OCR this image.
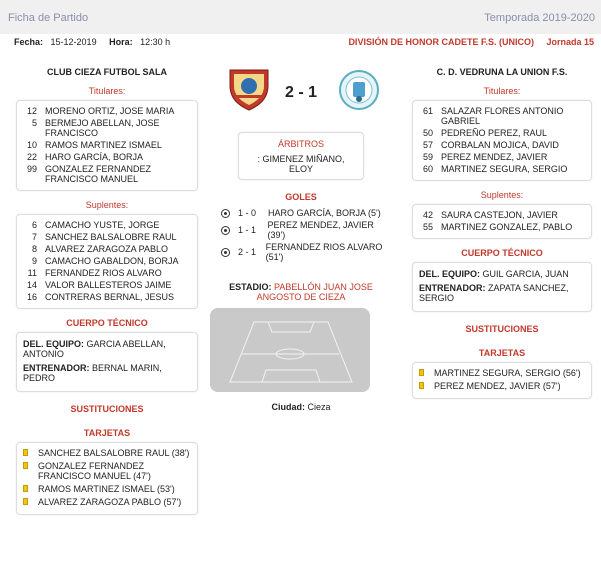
Ficha de Partido	Temporada 2019-2020
Fecha: 15-12-2019 Hora: 12:30 h	DIVISIÓN DE HONOR CADETE F.S. (UNICO) Jornada 15
CLUB CIEZA FUTBOL SALA
Titulares:
12 MORENO ORTIZ, JOSE MARIA
5 BERMEJO ABELLAN, JOSE FRANCISCO
10 RAMOS MARTINEZ ISMAEL
22 HARO GARCÍA, BORJA
99 GONZALEZ FERNANDEZ FRANCISCO MANUEL
Suplentes:
6 CAMACHO YUSTE, JORGE
7 SANCHEZ BALSALOBRE RAUL
8 ALVAREZ ZARAGOZA PABLO
9 CAMACHO GABALDON, BORJA
11 FERNANDEZ RIOS ALVARO
14 VALOR BALLESTEROS JAIME
16 CONTRERAS BERNAL, JESUS
CUERPO TÉCNICO
DEL. EQUIPO: GARCIA ABELLAN, ANTONIO
ENTRENADOR: BERNAL MARIN, PEDRO
SUSTITUCIONES
TARJETAS
SANCHEZ BALSALOBRE RAUL (38')
GONZALEZ FERNANDEZ FRANCISCO MANUEL (47')
RAMOS MARTINEZ ISMAEL (53')
ALVAREZ ZARAGOZA PABLO (57')
2 - 1
ÁRBITROS
: GIMENEZ MIÑANO, ELOY
GOLES
1 - 0	HARO GARCÍA, BORJA (5')
1 - 1	PEREZ MENDEZ, JAVIER (39')
2 - 1	FERNANDEZ RIOS ALVARO (51')
ESTADIO: PABELLÓN JUAN JOSE ANGOSTO DE CIEZA
Ciudad: Cieza
C. D. VEDRUNA LA UNION F.S.
Titulares:
61 SALAZAR FLORES ANTONIO GABRIEL
50 PEDREÑO PEREZ, RAUL
57 CORBALAN MOJICA, DAVID
59 PEREZ MENDEZ, JAVIER
60 MARTINEZ SEGURA, SERGIO
Suplentes:
42 SAURA CASTEJON, JAVIER
55 MARTINEZ GONZALEZ, PABLO
CUERPO TÉCNICO
DEL. EQUIPO: GUIL GARCIA, JUAN
ENTRENADOR: ZAPATA SANCHEZ, SERGIO
SUSTITUCIONES
TARJETAS
MARTINEZ SEGURA, SERGIO (56')
PEREZ MENDEZ, JAVIER (57')
